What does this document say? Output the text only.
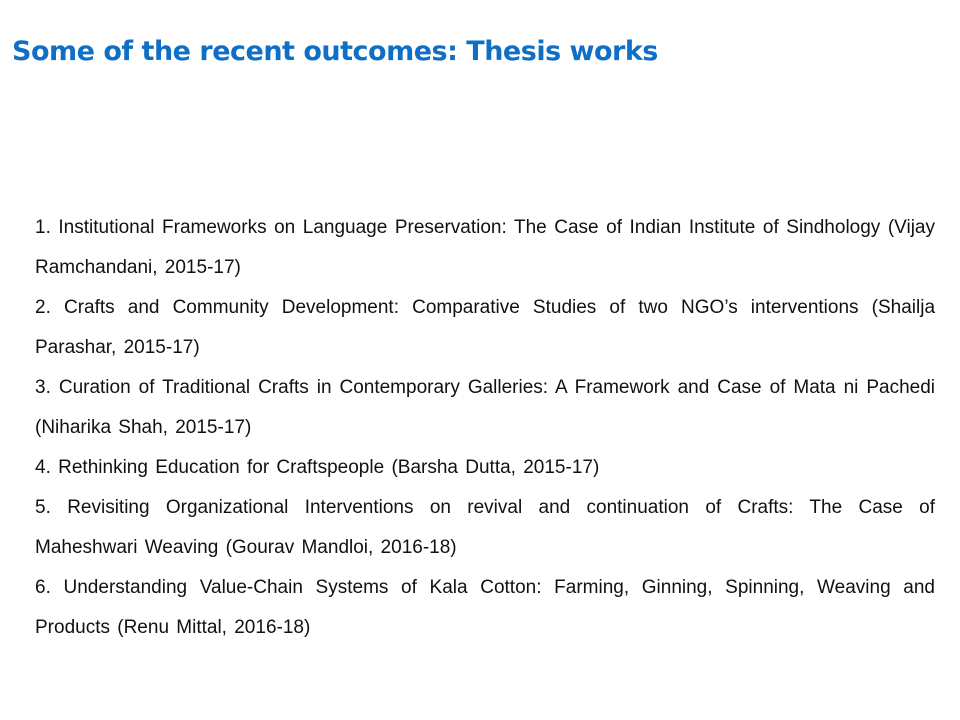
Some of the recent outcomes: Thesis works
1. Institutional Frameworks on Language Preservation: The Case of Indian Institute of Sindhology (Vijay Ramchandani, 2015-17)
2. Crafts and Community Development: Comparative Studies of two NGO’s interventions (Shailja Parashar, 2015-17)
3. Curation of Traditional Crafts in Contemporary Galleries: A Framework and Case of Mata ni Pachedi (Niharika Shah, 2015-17)
4. Rethinking Education for Craftspeople (Barsha Dutta, 2015-17)
5. Revisiting Organizational Interventions on revival and continuation of Crafts: The Case of Maheshwari Weaving (Gourav Mandloi, 2016-18)
6. Understanding Value-Chain Systems of Kala Cotton: Farming, Ginning, Spinning, Weaving and Products (Renu Mittal, 2016-18)
